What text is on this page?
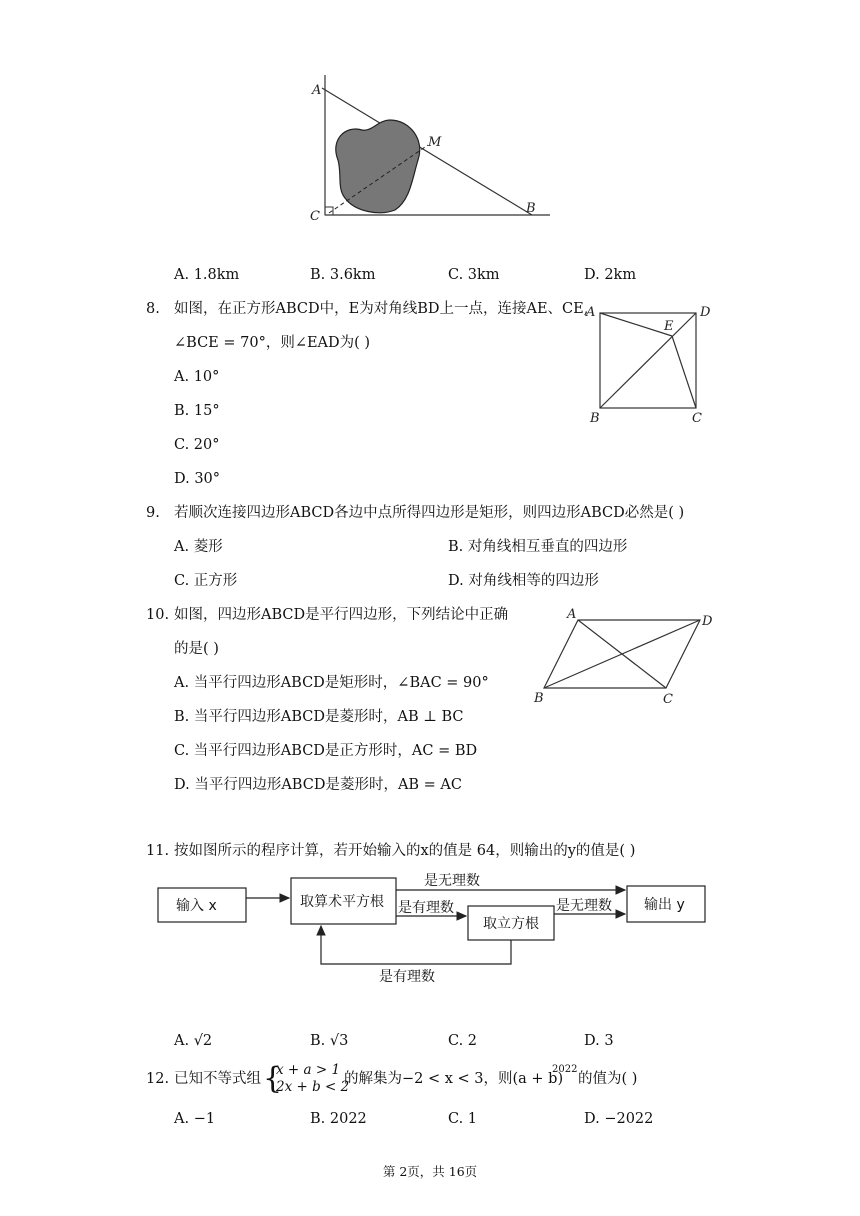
A
M
C
B
A. 1.8km	B. 3.6km	C. 3km	D. 2km
8. 如图，在正方形ABCD中，E为对角线BD上一点，连接AE、CE,
∠BCE = 70°，则∠EAD为( )
A. 10°
B. 15°
C. 20°
D. 30°
A	D
E
B	C
9. 若顺次连接四边形ABCD各边中点所得四边形是矩形，则四边形ABCD必然是( )
A. 菱形	B. 对角线相互垂直的四边形
C. 正方形	D. 对角线相等的四边形
10. 如图，四边形ABCD是平行四边形，下列结论中正确
的是( )
A. 当平行四边形ABCD是矩形时，∠BAC = 90°
B. 当平行四边形ABCD是菱形时，AB ⊥ BC
C. 当平行四边形ABCD是正方形时，AC = BD
D. 当平行四边形ABCD是菱形时，AB = AC
A	D
B	C
11. 按如图所示的程序计算，若开始输入的x的值是 64，则输出的y的值是( )
输入 x	取算术平方根
取立方根
输出 y
是无理数
是有理数	是无理数
是有理数
A. √2	B. √3	C. 2	D. 3
12. 已知不等式组 {
x + a > 1
2x + b < 2
的解集为−2 < x < 3，则(a + b)
2022
的值为( )
A. −1	B. 2022	C. 1	D. −2022
第 2页，共 16页
